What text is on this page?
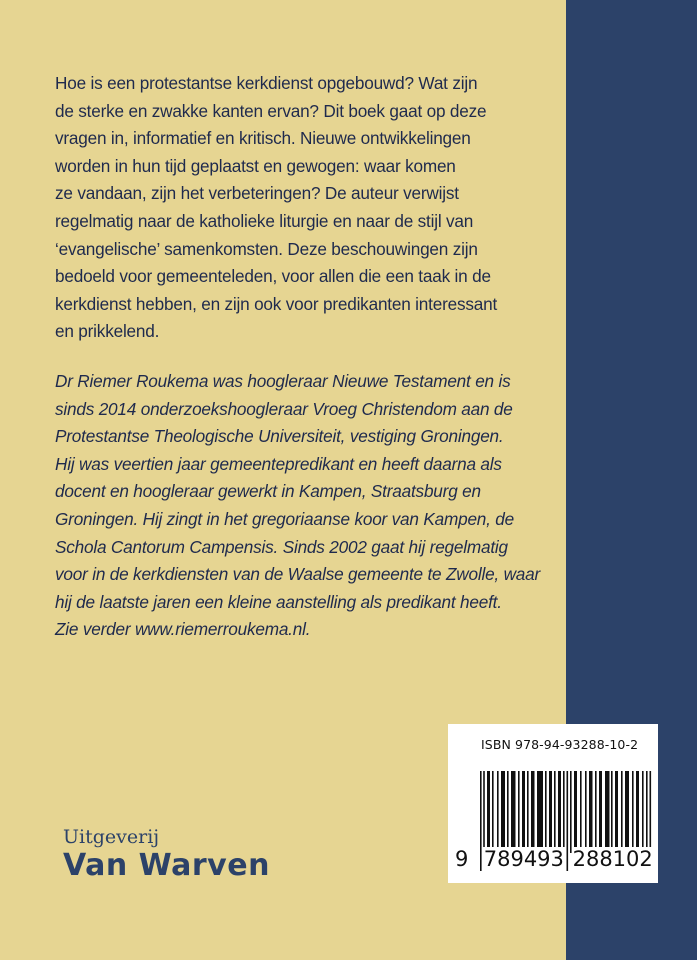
Hoe is een protestantse kerkdienst opgebouwd? Wat zijn
de sterke en zwakke kanten ervan? Dit boek gaat op deze
vragen in, informatief en kritisch. Nieuwe ontwikkelingen
worden in hun tijd geplaatst en gewogen: waar komen
ze vandaan, zijn het verbeteringen? De auteur verwijst
regelmatig naar de katholieke liturgie en naar de stijl van
‘evangelische’ samenkomsten. Deze beschouwingen zijn
bedoeld voor gemeenteleden, voor allen die een taak in de
kerkdienst hebben, en zijn ook voor predikanten interessant
en prikkelend.
Dr Riemer Roukema was hoogleraar Nieuwe Testament en is
sinds 2014 onderzoekshoogleraar Vroeg Christendom aan de
Protestantse Theologische Universiteit, vestiging Groningen.
Hij was veertien jaar gemeentepredikant en heeft daarna als
docent en hoogleraar gewerkt in Kampen, Straatsburg en
Groningen. Hij zingt in het gregoriaanse koor van Kampen, de
Schola Cantorum Campensis. Sinds 2002 gaat hij regelmatig
voor in de kerkdiensten van de Waalse gemeente te Zwolle, waar
hij de laatste jaren een kleine aanstelling als predikant heeft.
Zie verder www.riemerroukema.nl.
Uitgeverij
Van Warven
ISBN 978-94-93288-10-2
9 789493 288102
